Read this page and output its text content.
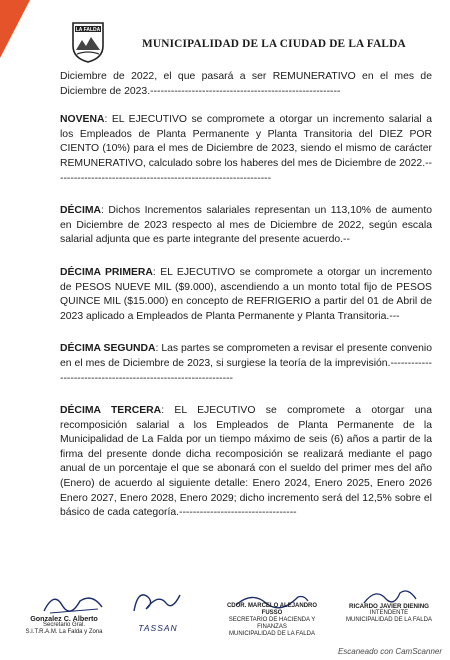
LA FALDA
MUNICIPALIDAD DE LA CIUDAD DE LA FALDA

Diciembre de 2022, el que pasará a ser REMUNERATIVO en el mes de Diciembre de 2023.-------------------------------------------------------

NOVENA: EL EJECUTIVO se compromete a otorgar un incremento salarial a los Empleados de Planta Permanente y Planta Transitoria del DIEZ POR CIENTO (10%) para el mes de Diciembre de 2023, siendo el mismo de carácter REMUNERATIVO, calculado sobre los haberes del mes de Diciembre de 2022.---------------------------------------------------------------

DÉCIMA: Dichos Incrementos salariales representan un 113,10% de aumento en Diciembre de 2023 respecto al mes de Diciembre de 2022, según escala salarial adjunta que es parte integrante del presente acuerdo.--

DÉCIMA PRIMERA: EL EJECUTIVO se compromete a otorgar un incremento de PESOS NUEVE MIL ($9.000), ascendiendo a un monto total fijo de PESOS QUINCE MIL ($15.000) en concepto de REFRIGERIO a partir del 01 de Abril de 2023 aplicado a Empleados de Planta Permanente y Planta Transitoria.---

DÉCIMA SEGUNDA: Las partes se comprometen a revisar el presente convenio en el mes de Diciembre de 2023, si surgiese la teoría de la imprevisión.--------------------------------------------------------------

DÉCIMA TERCERA: EL EJECUTIVO se compromete a otorgar una recomposición salarial a los Empleados de Planta Permanente de la Municipalidad de La Falda por un tiempo máximo de seis (6) años a partir de la firma del presente donde dicha recomposición se realizará mediante el pago anual de un porcentaje el que se abonará con el sueldo del primer mes del año (Enero) de acuerdo al siguiente detalle: Enero 2024, Enero 2025, Enero 2026 Enero 2027, Enero 2028, Enero 2029; dicho incremento será del 12,5% sobre el básico de cada categoría.----------------------------------

Gonzalez C. Alberto
Secretario Gral.
S.I.T.R.A.M. La Falda y Zona	TASSAN
CDOR. MARCELO ALEJANDRO FUSSO
SECRETARIO DE HACIENDA Y FINANZAS
MUNICIPALIDAD DE LA FALDA
RICARDO JAVIER DIENING
INTENDENTE
MUNICIPALIDAD DE LA FALDA
Escaneado con CamScanner
